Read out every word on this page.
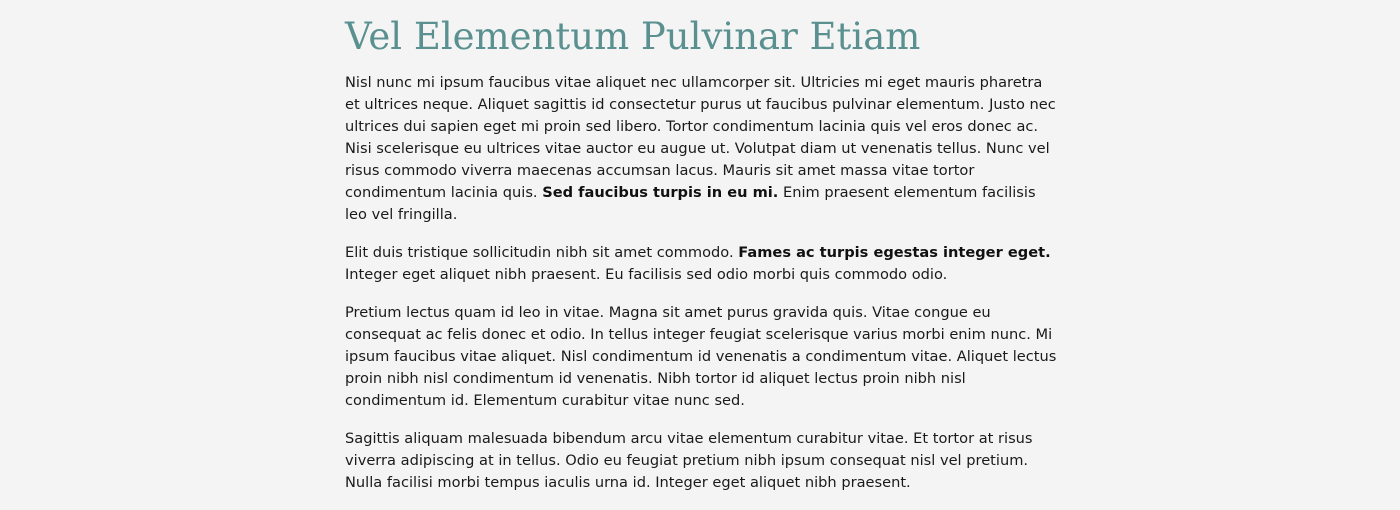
Vel Elementum Pulvinar Etiam

Nisl nunc mi ipsum faucibus vitae aliquet nec ullamcorper sit. Ultricies mi eget mauris pharetra et ultrices neque. Aliquet sagittis id consectetur purus ut faucibus pulvinar elementum. Justo nec ultrices dui sapien eget mi proin sed libero. Tortor condimentum lacinia quis vel eros donec ac. Nisi scelerisque eu ultrices vitae auctor eu augue ut. Volutpat diam ut venenatis tellus. Nunc vel risus commodo viverra maecenas accumsan lacus. Mauris sit amet massa vitae tortor condimentum lacinia quis. Sed faucibus turpis in eu mi. Enim praesent elementum facilisis leo vel fringilla.

Elit duis tristique sollicitudin nibh sit amet commodo. Fames ac turpis egestas integer eget. Integer eget aliquet nibh praesent. Eu facilisis sed odio morbi quis commodo odio.

Pretium lectus quam id leo in vitae. Magna sit amet purus gravida quis. Vitae congue eu consequat ac felis donec et odio. In tellus integer feugiat scelerisque varius morbi enim nunc. Mi ipsum faucibus vitae aliquet. Nisl condimentum id venenatis a condimentum vitae. Aliquet lectus proin nibh nisl condimentum id venenatis. Nibh tortor id aliquet lectus proin nibh nisl condimentum id. Elementum curabitur vitae nunc sed.

Sagittis aliquam malesuada bibendum arcu vitae elementum curabitur vitae. Et tortor at risus viverra adipiscing at in tellus. Odio eu feugiat pretium nibh ipsum consequat nisl vel pretium. Nulla facilisi morbi tempus iaculis urna id. Integer eget aliquet nibh praesent.
